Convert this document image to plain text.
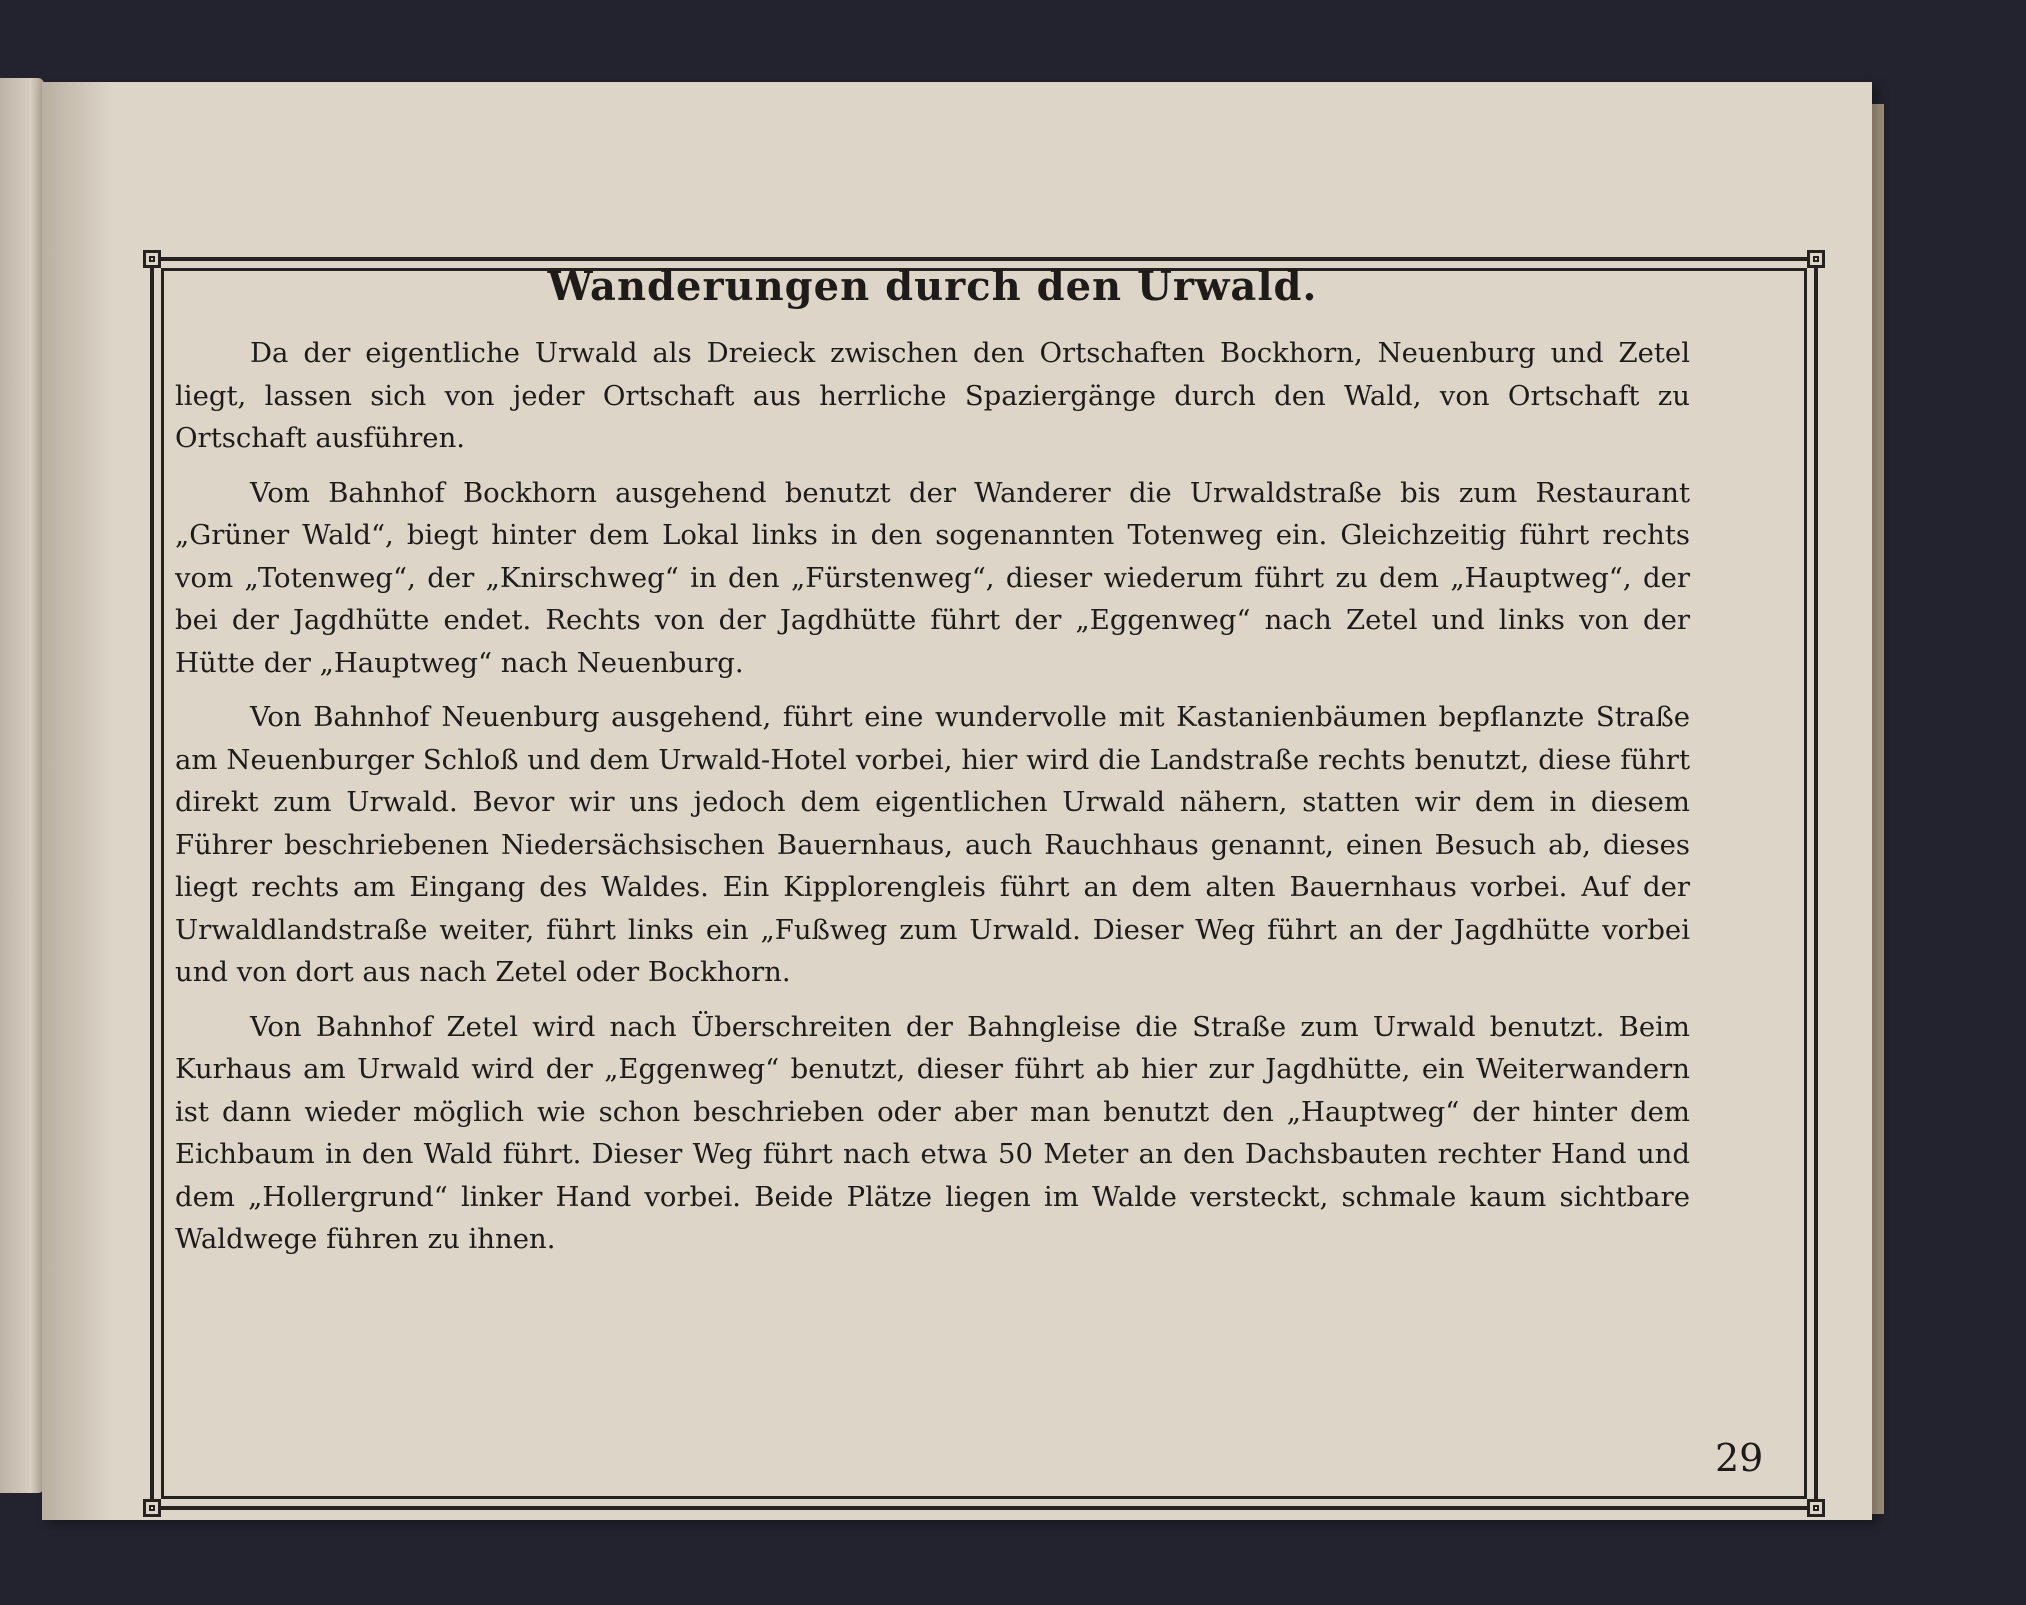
Wanderungen durch den Urwald.

Da der eigentliche Urwald als Dreieck zwischen den Ortschaften Bockhorn, Neuenburg und Zetel liegt, lassen sich von jeder Ortschaft aus herrliche Spaziergänge durch den Wald, von Ortschaft zu Ortschaft ausführen.

Vom Bahnhof Bockhorn ausgehend benutzt der Wanderer die Urwaldstraße bis zum Restaurant „Grüner Wald“, biegt hinter dem Lokal links in den sogenannten Totenweg ein. Gleichzeitig führt rechts vom „Totenweg“, der „Knirschweg“ in den „Fürstenweg“, dieser wiederum führt zu dem „Hauptweg“, der bei der Jagdhütte endet. Rechts von der Jagdhütte führt der „Eggenweg“ nach Zetel und links von der Hütte der „Hauptweg“ nach Neuenburg.

Von Bahnhof Neuenburg ausgehend, führt eine wundervolle mit Kastanienbäumen bepflanzte Straße am Neuenburger Schloß und dem Urwald-Hotel vorbei, hier wird die Landstraße rechts benutzt, diese führt direkt zum Urwald. Bevor wir uns jedoch dem eigentlichen Urwald nähern, statten wir dem in diesem Führer beschriebenen Niedersächsischen Bauernhaus, auch Rauchhaus genannt, einen Besuch ab, dieses liegt rechts am Eingang des Waldes. Ein Kipplorengleis führt an dem alten Bauernhaus vorbei. Auf der Urwaldlandstraße weiter, führt links ein „Fußweg zum Urwald. Dieser Weg führt an der Jagdhütte vorbei und von dort aus nach Zetel oder Bockhorn.

Von Bahnhof Zetel wird nach Überschreiten der Bahngleise die Straße zum Urwald benutzt. Beim Kurhaus am Urwald wird der „Eggenweg“ benutzt, dieser führt ab hier zur Jagdhütte, ein Weiterwandern ist dann wieder möglich wie schon beschrieben oder aber man benutzt den „Hauptweg“ der hinter dem Eichbaum in den Wald führt. Dieser Weg führt nach etwa 50 Meter an den Dachsbauten rechter Hand und dem „Hollergrund“ linker Hand vorbei. Beide Plätze liegen im Walde versteckt, schmale kaum sichtbare Waldwege führen zu ihnen.

29
